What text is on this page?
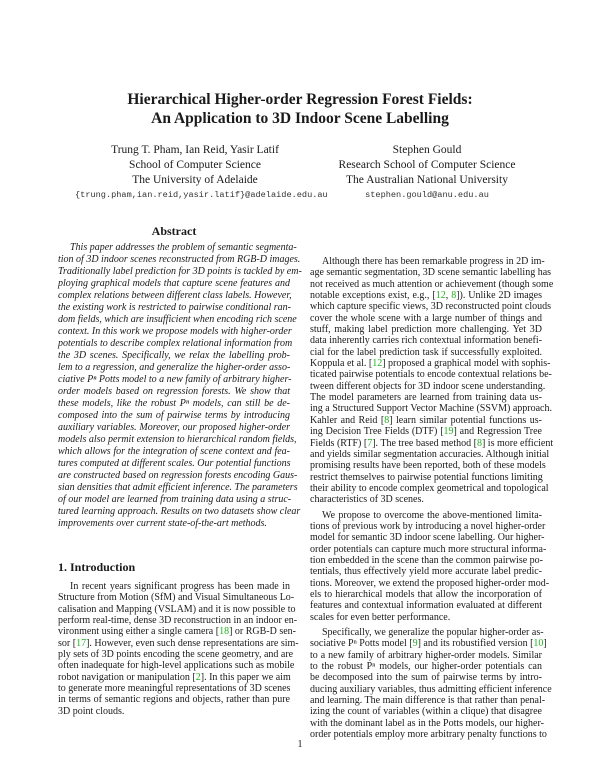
Hierarchical Higher-order Regression Forest Fields:
An Application to 3D Indoor Scene Labelling
Trung T. Pham, Ian Reid, Yasir Latif
School of Computer Science
The University of Adelaide
{trung.pham,ian.reid,yasir.latif}@adelaide.edu.au
Stephen Gould
Research School of Computer Science
The Australian National University
stephen.gould@anu.edu.au
Abstract
This paper addresses the problem of semantic segmenta-
tion of 3D indoor scenes reconstructed from RGB-D images.
Traditionally label prediction for 3D points is tackled by em-
ploying graphical models that capture scene features and
complex relations between different class labels. However,
the existing work is restricted to pairwise conditional ran-
dom fields, which are insufficient when encoding rich scene
context. In this work we propose models with higher-order
potentials to describe complex relational information from
the 3D scenes. Specifically, we relax the labelling prob-
lem to a regression, and generalize the higher-order asso-
ciative Pⁿ Potts model to a new family of arbitrary higher-
order models based on regression forests. We show that
these models, like the robust Pⁿ models, can still be de-
composed into the sum of pairwise terms by introducing
auxiliary variables. Moreover, our proposed higher-order
models also permit extension to hierarchical random fields,
which allows for the integration of scene context and fea-
tures computed at different scales. Our potential functions
are constructed based on regression forests encoding Gaus-
sian densities that admit efficient inference. The parameters
of our model are learned from training data using a struc-
tured learning approach. Results on two datasets show clear
improvements over current state-of-the-art methods.
1. Introduction
In recent years significant progress has been made in
Structure from Motion (SfM) and Visual Simultaneous Lo-
calisation and Mapping (VSLAM) and it is now possible to
perform real-time, dense 3D reconstruction in an indoor en-
vironment using either a single camera [18] or RGB-D sen-
sor [17]. However, even such dense representations are sim-
ply sets of 3D points encoding the scene geometry, and are
often inadequate for high-level applications such as mobile
robot navigation or manipulation [2]. In this paper we aim
to generate more meaningful representations of 3D scenes
in terms of semantic regions and objects, rather than pure
3D point clouds.
Although there has been remarkable progress in 2D im-
age semantic segmentation, 3D scene semantic labelling has
not received as much attention or achievement (though some
notable exceptions exist, e.g., [12, 8]). Unlike 2D images
which capture specific views, 3D reconstructed point clouds
cover the whole scene with a large number of things and
stuff, making label prediction more challenging. Yet 3D
data inherently carries rich contextual information benefi-
cial for the label prediction task if successfully exploited.
Koppula et al. [12] proposed a graphical model with sophis-
ticated pairwise potentials to encode contextual relations be-
tween different objects for 3D indoor scene understanding.
The model parameters are learned from training data us-
ing a Structured Support Vector Machine (SSVM) approach.
Kahler and Reid [8] learn similar potential functions us-
ing Decision Tree Fields (DTF) [19] and Regression Tree
Fields (RTF) [7]. The tree based method [8] is more efficient
and yields similar segmentation accuracies. Although initial
promising results have been reported, both of these models
restrict themselves to pairwise potential functions limiting
their ability to encode complex geometrical and topological
characteristics of 3D scenes.
We propose to overcome the above-mentioned limita-
tions of previous work by introducing a novel higher-order
model for semantic 3D indoor scene labelling. Our higher-
order potentials can capture much more structural informa-
tion embedded in the scene than the common pairwise po-
tentials, thus effectively yield more accurate label predic-
tions. Moreover, we extend the proposed higher-order mod-
els to hierarchical models that allow the incorporation of
features and contextual information evaluated at different
scales for even better performance.
Specifically, we generalize the popular higher-order as-
sociative Pⁿ Potts model [9] and its robustified version [10]
to a new family of arbitrary higher-order models. Similar
to the robust Pⁿ models, our higher-order potentials can
be decomposed into the sum of pairwise terms by intro-
ducing auxiliary variables, thus admitting efficient inference
and learning. The main difference is that rather than penal-
izing the count of variables (within a clique) that disagree
with the dominant label as in the Potts models, our higher-
order potentials employ more arbitrary penalty functions to
1
